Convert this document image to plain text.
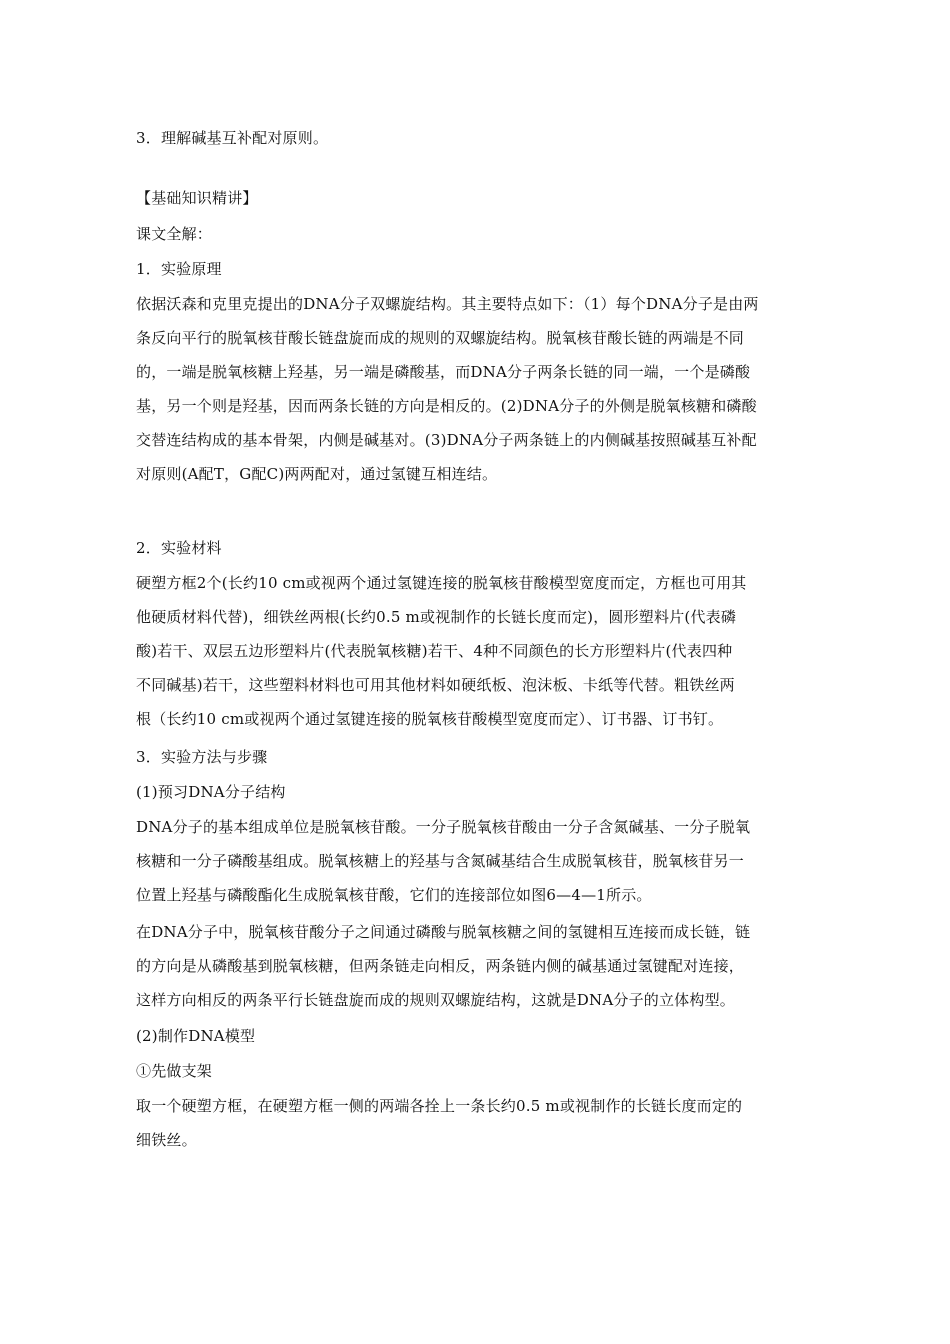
3．理解碱基互补配对原则。
【基础知识精讲】
课文全解：
1．实验原理
依据沃森和克里克提出的DNA分子双螺旋结构。其主要特点如下：（1）每个DNA分子是由两
条反向平行的脱氧核苷酸长链盘旋而成的规则的双螺旋结构。脱氧核苷酸长链的两端是不同
的，一端是脱氧核糖上羟基，另一端是磷酸基，而DNA分子两条长链的同一端，一个是磷酸
基，另一个则是羟基，因而两条长链的方向是相反的。(2)DNA分子的外侧是脱氧核糖和磷酸
交替连结构成的基本骨架，内侧是碱基对。(3)DNA分子两条链上的内侧碱基按照碱基互补配
对原则(A配T，G配C)两两配对，通过氢键互相连结。
2．实验材料
硬塑方框2个(长约10 cm或视两个通过氢键连接的脱氧核苷酸模型宽度而定，方框也可用其
他硬质材料代替)，细铁丝两根(长约0.5 m或视制作的长链长度而定)，圆形塑料片(代表磷
酸)若干、双层五边形塑料片(代表脱氧核糖)若干、4种不同颜色的长方形塑料片(代表四种
不同碱基)若干，这些塑料材料也可用其他材料如硬纸板、泡沫板、卡纸等代替。粗铁丝两
根（长约10 cm或视两个通过氢键连接的脱氧核苷酸模型宽度而定）、订书器、订书钉。
3．实验方法与步骤
(1)预习DNA分子结构
DNA分子的基本组成单位是脱氧核苷酸。一分子脱氧核苷酸由一分子含氮碱基、一分子脱氧
核糖和一分子磷酸基组成。脱氧核糖上的羟基与含氮碱基结合生成脱氧核苷，脱氧核苷另一
位置上羟基与磷酸酯化生成脱氧核苷酸，它们的连接部位如图6—4—1所示。
在DNA分子中，脱氧核苷酸分子之间通过磷酸与脱氧核糖之间的氢键相互连接而成长链，链
的方向是从磷酸基到脱氧核糖，但两条链走向相反，两条链内侧的碱基通过氢键配对连接，
这样方向相反的两条平行长链盘旋而成的规则双螺旋结构，这就是DNA分子的立体构型。
(2)制作DNA模型
①先做支架
取一个硬塑方框，在硬塑方框一侧的两端各拴上一条长约0.5 m或视制作的长链长度而定的
细铁丝。
